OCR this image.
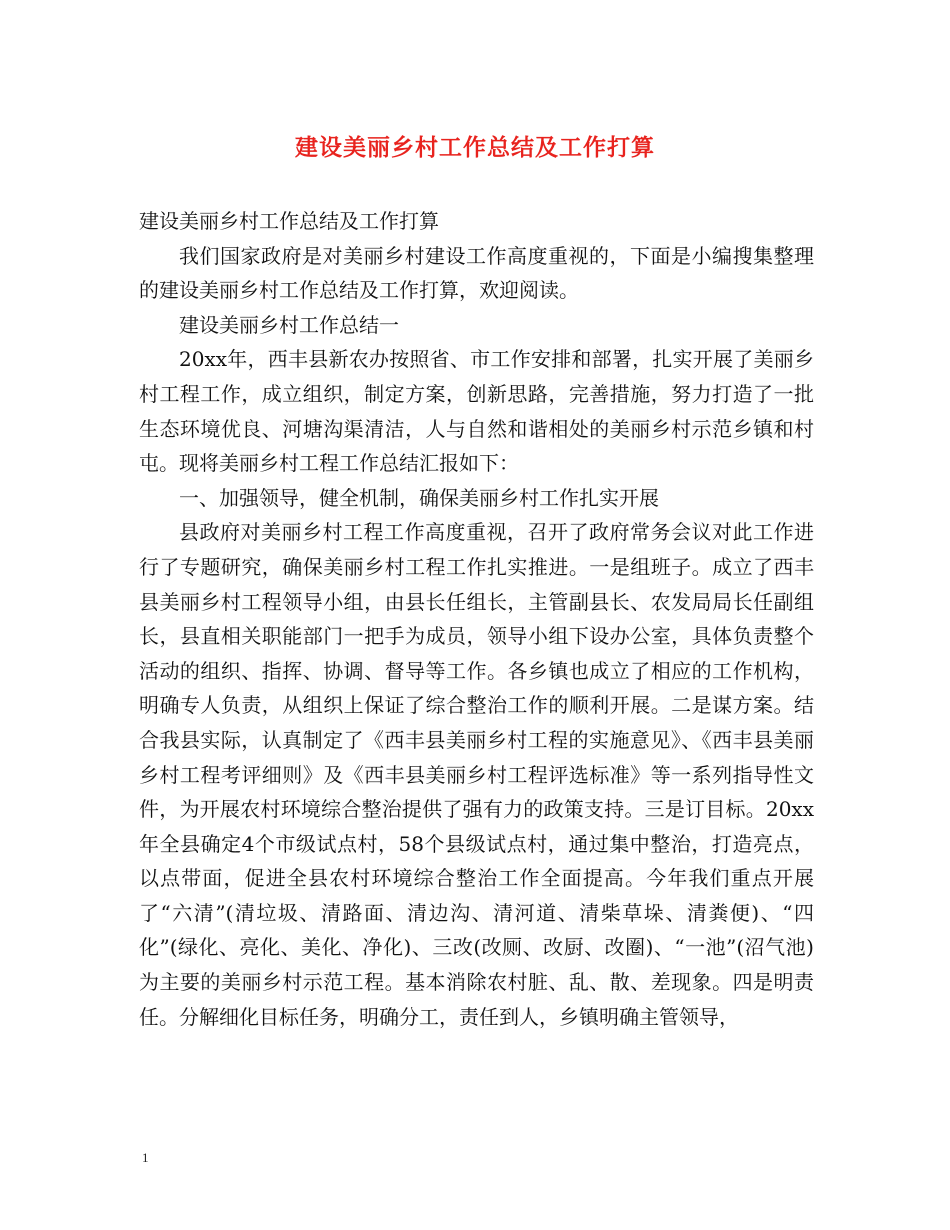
建设美丽乡村工作总结及工作打算

建设美丽乡村工作总结及工作打算

我们国家政府是对美丽乡村建设工作高度重视的，下面是小编搜集整理的建设美丽乡村工作总结及工作打算，欢迎阅读。

建设美丽乡村工作总结一

20xx年，西丰县新农办按照省、市工作安排和部署，扎实开展了美丽乡村工程工作，成立组织，制定方案，创新思路，完善措施，努力打造了一批生态环境优良、河塘沟渠清洁，人与自然和谐相处的美丽乡村示范乡镇和村屯。现将美丽乡村工程工作总结汇报如下：

一、加强领导，健全机制，确保美丽乡村工作扎实开展

县政府对美丽乡村工程工作高度重视，召开了政府常务会议对此工作进行了专题研究，确保美丽乡村工程工作扎实推进。一是组班子。成立了西丰县美丽乡村工程领导小组，由县长任组长，主管副县长、农发局局长任副组长，县直相关职能部门一把手为成员，领导小组下设办公室，具体负责整个活动的组织、指挥、协调、督导等工作。各乡镇也成立了相应的工作机构，明确专人负责，从组织上保证了综合整治工作的顺利开展。二是谋方案。结合我县实际，认真制定了《西丰县美丽乡村工程的实施意见》、《西丰县美丽乡村工程考评细则》及《西丰县美丽乡村工程评选标准》等一系列指导性文件，为开展农村环境综合整治提供了强有力的政策支持。三是订目标。20xx年全县确定4个市级试点村，58个县级试点村，通过集中整治，打造亮点，以点带面，促进全县农村环境综合整治工作全面提高。今年我们重点开展了“六清”(清垃圾、清路面、清边沟、清河道、清柴草垛、清粪便)、“四化”(绿化、亮化、美化、净化)、三改(改厕、改厨、改圈)、“一池”(沼气池)为主要的美丽乡村示范工程。基本消除农村脏、乱、散、差现象。四是明责任。分解细化目标任务，明确分工，责任到人，乡镇明确主管领导，

1
